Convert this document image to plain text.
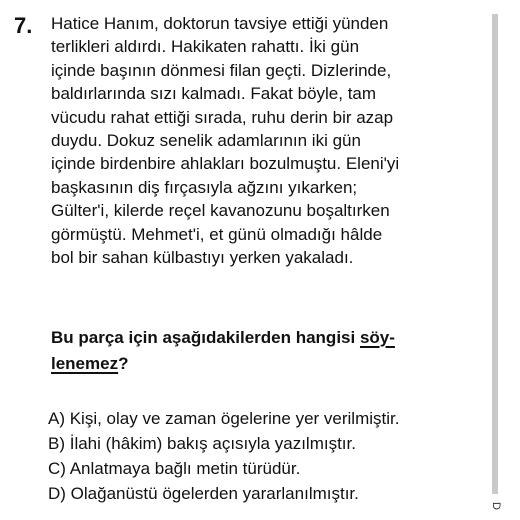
7. Hatice Hanım, doktorun tavsiye ettiği yünden
terlikleri aldırdı. Hakikaten rahattı. İki gün
içinde başının dönmesi filan geçti. Dizlerinde,
baldırlarında sızı kalmadı. Fakat böyle, tam
vücudu rahat ettiği sırada, ruhu derin bir azap
duydu. Dokuz senelik adamlarının iki gün
içinde birdenbire ahlakları bozulmuştu. Eleni'yi
başkasının diş fırçasıyla ağzını yıkarken;
Gülter'i, kilerde reçel kavanozunu boşaltırken
görmüştü. Mehmet'i, et günü olmadığı hâlde
bol bir sahan külbastıyı yerken yakaladı.

Bu parça için aşağıdakilerden hangisi söy-
lenemez?

A) Kişi, olay ve zaman ögelerine yer verilmiştir.
B) İlahi (hâkim) bakış açısıyla yazılmıştır.
C) Anlatmaya bağlı metin türüdür.
D) Olağanüstü ögelerden yararlanılmıştır.
D
